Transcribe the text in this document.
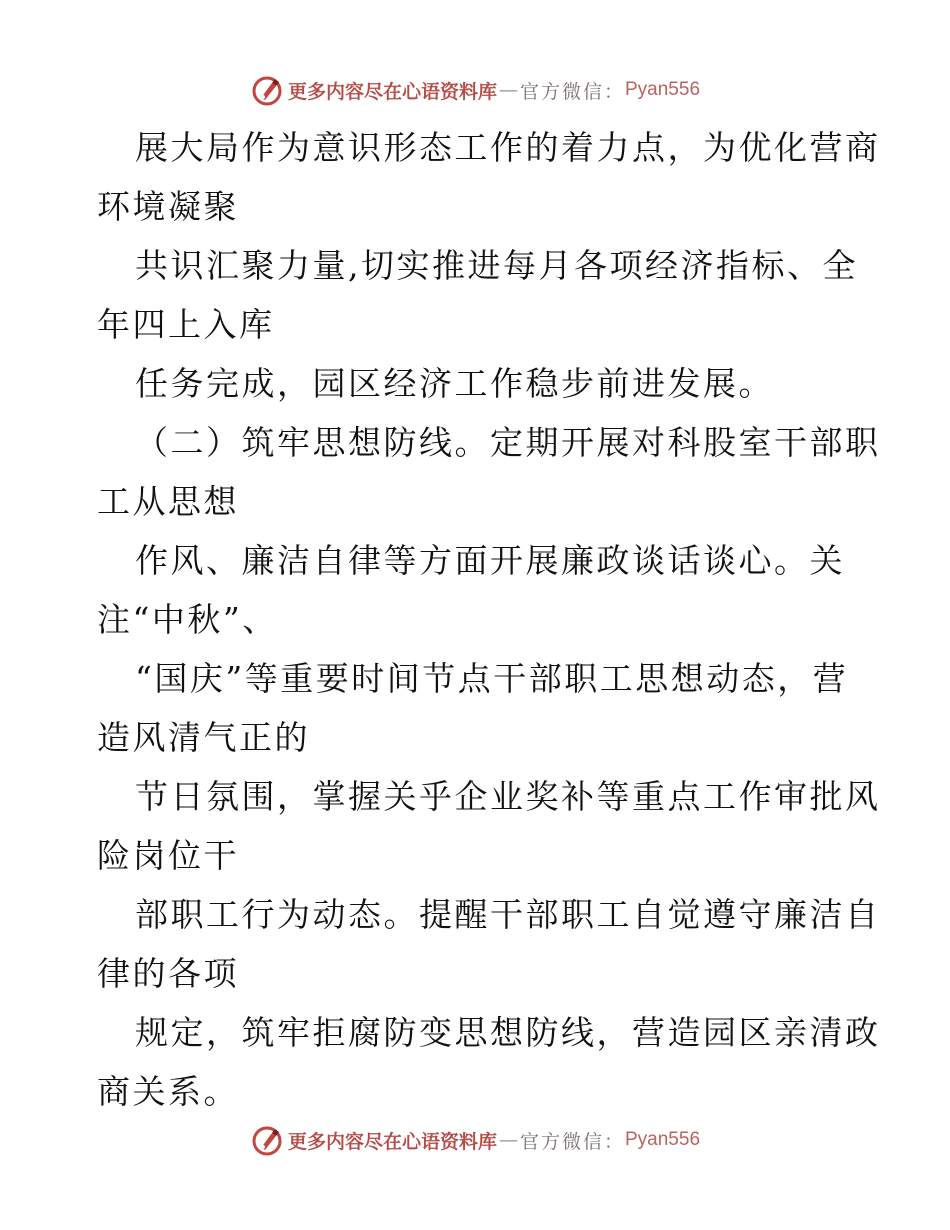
更多内容尽在心语资料库 — 官方微信： Pyan556
展大局作为意识形态工作的着力点，为优化营商
环境凝聚
共识汇聚力量,切实推进每月各项经济指标、全
年四上入库
任务完成，园区经济工作稳步前进发展。
（二）筑牢思想防线。定期开展对科股室干部职
工从思想
作风、廉洁自律等方面开展廉政谈话谈心。关
注“中秋”、
“国庆”等重要时间节点干部职工思想动态，营
造风清气正的
节日氛围，掌握关乎企业奖补等重点工作审批风
险岗位干
部职工行为动态。提醒干部职工自觉遵守廉洁自
律的各项
规定，筑牢拒腐防变思想防线，营造园区亲清政
商关系。
更多内容尽在心语资料库 — 官方微信： Pyan556
